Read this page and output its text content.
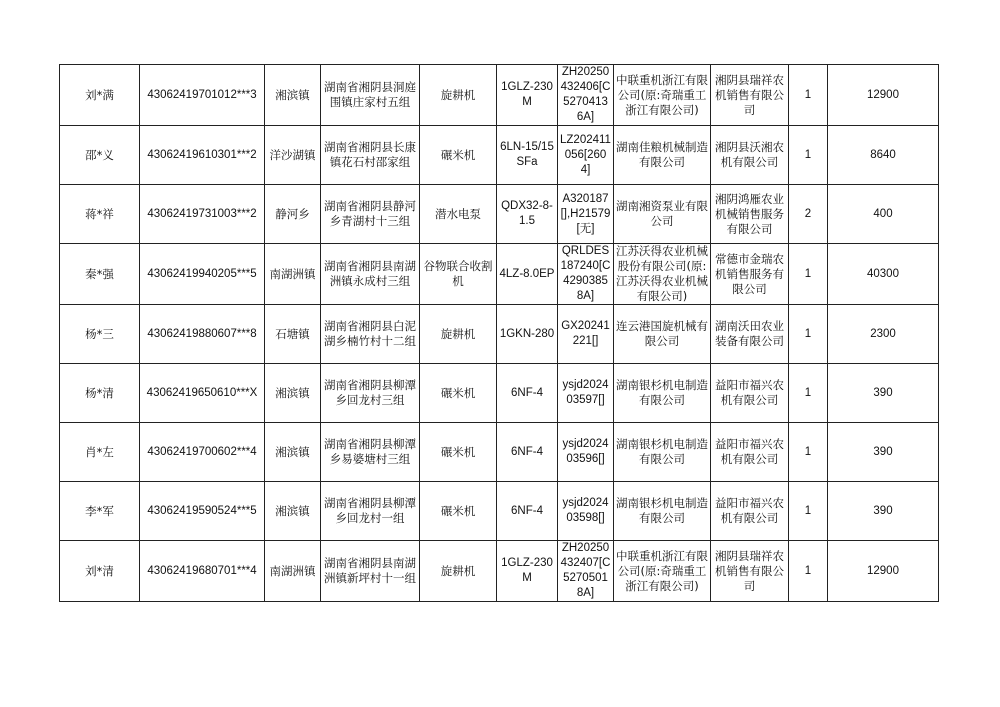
刘*满	43062419701012***3	湘滨镇	湖南省湘阴县洞庭围镇庄家村五组	旋耕机	1GLZ-230M	ZH20250432406[C52704136A]	中联重机浙江有限公司(原:奇瑞重工浙江有限公司)	湘阴县瑞祥农机销售有限公司	1	12900
邵*义	43062419610301***2	洋沙湖镇	湖南省湘阴县长康镇花石村邵家组	碾米机	6LN-15/15SFa	LZ202411056[2604]	湖南佳粮机械制造有限公司	湘阴县沃湘农机有限公司	1	8640
蒋*祥	43062419731003***2	静河乡	湖南省湘阴县静河乡青湖村十三组	潜水电泵	QDX32-8-1.5	A320187[],H21579[无]	湖南湘资泵业有限公司	湘阴鸿雁农业机械销售服务有限公司	2	400
秦*强	43062419940205***5	南湖洲镇	湖南省湘阴县南湖洲镇永成村三组	谷物联合收割机	4LZ-8.0EP	QRLDES187240[C42903858A]	江苏沃得农业机械股份有限公司(原:江苏沃得农业机械有限公司)	常德市金瑞农机销售服务有限公司	1	40300
杨*三	43062419880607***8	石塘镇	湖南省湘阴县白泥湖乡楠竹村十二组	旋耕机	1GKN-280	GX20241221[]	连云港国旋机械有限公司	湖南沃田农业装备有限公司	1	2300
杨*清	43062419650610***X	湘滨镇	湖南省湘阴县柳潭乡回龙村三组	碾米机	6NF-4	ysjd202403597[]	湖南银杉机电制造有限公司	益阳市福兴农机有限公司	1	390
肖*左	43062419700602***4	湘滨镇	湖南省湘阴县柳潭乡易婆塘村三组	碾米机	6NF-4	ysjd202403596[]	湖南银杉机电制造有限公司	益阳市福兴农机有限公司	1	390
李*军	43062419590524***5	湘滨镇	湖南省湘阴县柳潭乡回龙村一组	碾米机	6NF-4	ysjd202403598[]	湖南银杉机电制造有限公司	益阳市福兴农机有限公司	1	390
刘*清	43062419680701***4	南湖洲镇	湖南省湘阴县南湖洲镇新坪村十一组	旋耕机	1GLZ-230M	ZH20250432407[C52705018A]	中联重机浙江有限公司(原:奇瑞重工浙江有限公司)	湘阴县瑞祥农机销售有限公司	1	12900
